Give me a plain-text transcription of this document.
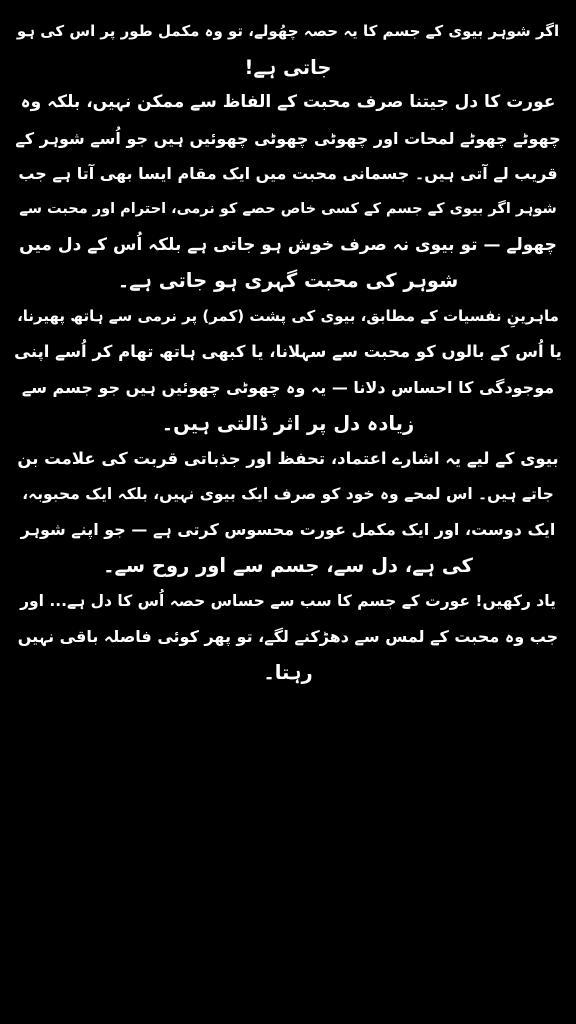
اگر شوہر بیوی کے جسم کا یہ حصہ چھُولے، تو وہ مکمل طور پر اس کی ہو
جاتی ہے!
عورت کا دل جیتنا صرف محبت کے الفاظ سے ممکن نہیں، بلکہ وہ
چھوٹے چھوٹے لمحات اور چھوٹی چھوٹی چھوئیں ہیں جو اُسے شوہر کے
قریب لے آتی ہیں۔ جسمانی محبت میں ایک مقام ایسا بھی آتا ہے جب
شوہر اگر بیوی کے جسم کے کسی خاص حصے کو نرمی، احترام اور محبت سے
چھولے — تو بیوی نہ صرف خوش ہو جاتی ہے بلکہ اُس کے دل میں
شوہر کی محبت گہری ہو جاتی ہے۔
ماہرینِ نفسیات کے مطابق، بیوی کی پشت (کمر) پر نرمی سے ہاتھ پھیرنا،
یا اُس کے بالوں کو محبت سے سہلانا، یا کبھی ہاتھ تھام کر اُسے اپنی
موجودگی کا احساس دلانا — یہ وہ چھوٹی چھوئیں ہیں جو جسم سے
زیادہ دل پر اثر ڈالتی ہیں۔
بیوی کے لیے یہ اشارے اعتماد، تحفظ اور جذباتی قربت کی علامت بن
جاتے ہیں۔ اس لمحے وہ خود کو صرف ایک بیوی نہیں، بلکہ ایک محبوبہ،
ایک دوست، اور ایک مکمل عورت محسوس کرتی ہے — جو اپنے شوہر
کی ہے، دل سے، جسم سے اور روح سے۔
یاد رکھیں! عورت کے جسم کا سب سے حساس حصہ اُس کا دل ہے... اور
جب وہ محبت کے لمس سے دھڑکنے لگے، تو پھر کوئی فاصلہ باقی نہیں
رہتا۔
